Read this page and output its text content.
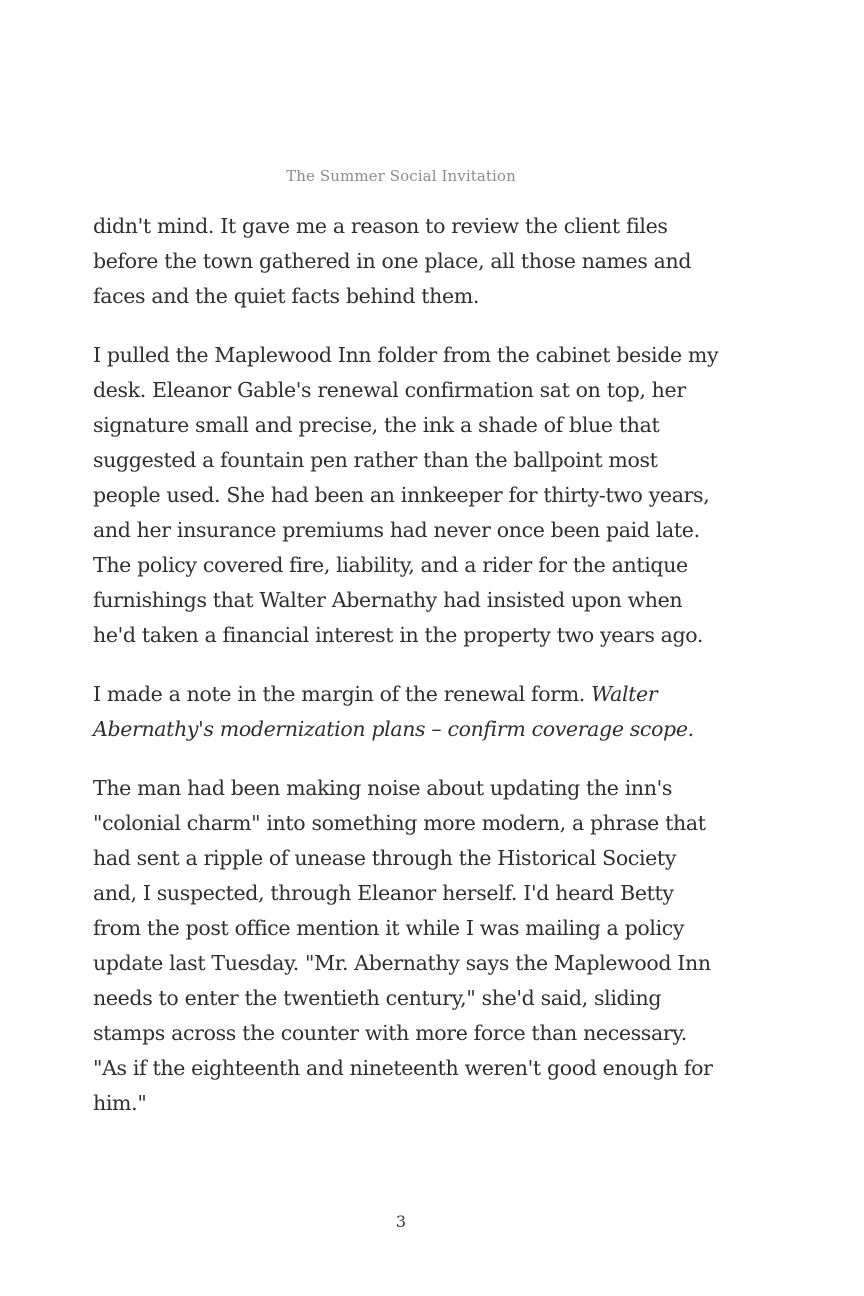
The Summer Social Invitation

didn't mind. It gave me a reason to review the client files before the town gathered in one place, all those names and faces and the quiet facts behind them.

I pulled the Maplewood Inn folder from the cabinet beside my desk. Eleanor Gable's renewal confirmation sat on top, her signature small and precise, the ink a shade of blue that suggested a fountain pen rather than the ballpoint most people used. She had been an innkeeper for thirty-two years, and her insurance premiums had never once been paid late. The policy covered fire, liability, and a rider for the antique furnishings that Walter Abernathy had insisted upon when he'd taken a financial interest in the property two years ago.

I made a note in the margin of the renewal form. Walter Abernathy's modernization plans – confirm coverage scope.

The man had been making noise about updating the inn's "colonial charm" into something more modern, a phrase that had sent a ripple of unease through the Historical Society and, I suspected, through Eleanor herself. I'd heard Betty from the post office mention it while I was mailing a policy update last Tuesday. "Mr. Abernathy says the Maplewood Inn needs to enter the twentieth century," she'd said, sliding stamps across the counter with more force than necessary. "As if the eighteenth and nineteenth weren't good enough for him."

3
